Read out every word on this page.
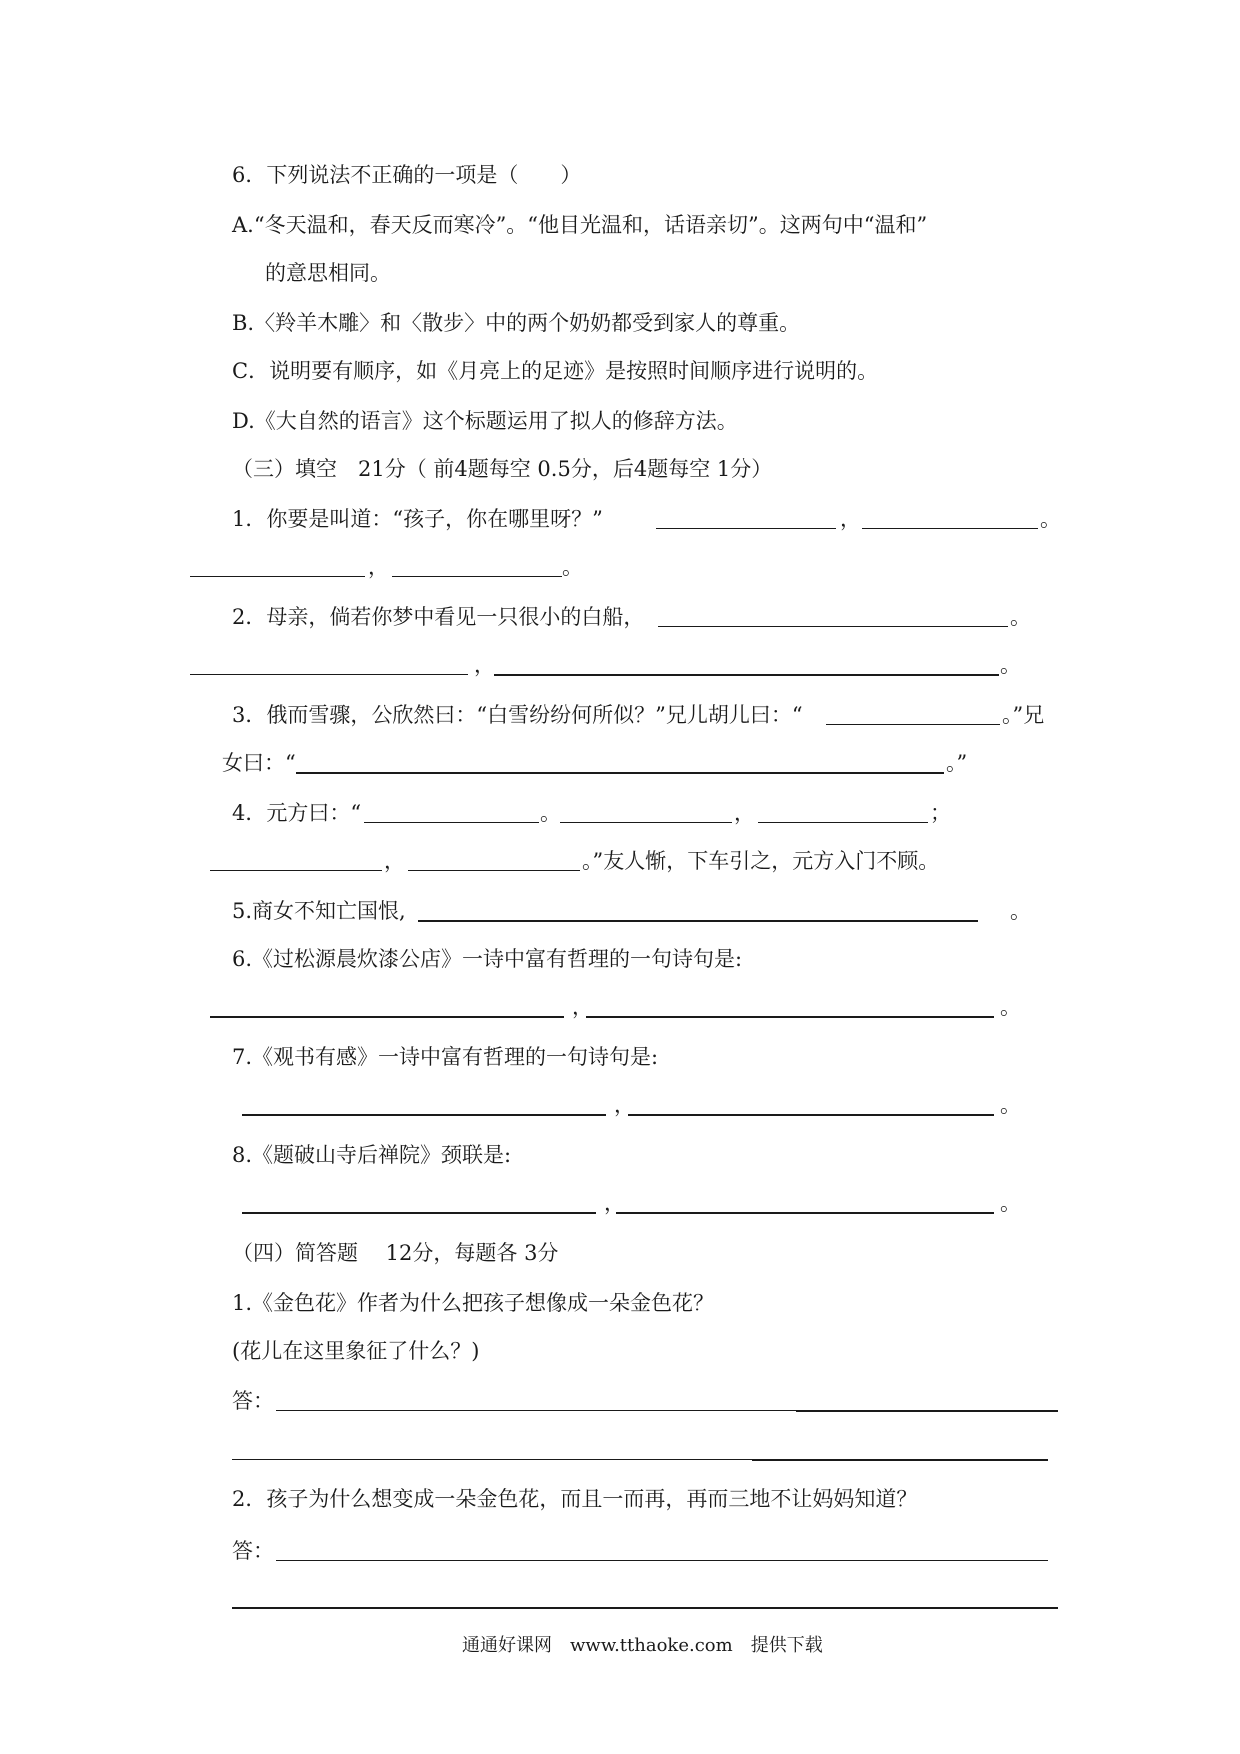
6．下列说法不正确的一项是（　　）
A.“冬天温和，春天反而寒冷”。“他目光温和，话语亲切”。这两句中“温和”
的意思相同。
B.〈羚羊木雕〉和〈散步〉中的两个奶奶都受到家人的尊重。
C．说明要有顺序，如《月亮上的足迹》是按照时间顺序进行说明的。
D.《大自然的语言》这个标题运用了拟人的修辞方法。
（三）填空　21分（ 前4题每空 0.5分，后4题每空 1分）
1．你要是叫道：“孩子，你在哪里呀？”	，	。
，	。
2．母亲，倘若你梦中看见一只很小的白船，	。
，	。
3．俄而雪骤，公欣然曰：“白雪纷纷何所似？”兄儿胡儿曰：“	。”兄
女曰：“	。”
4．元方曰：“	。	，	；
，	。”友人惭，下车引之，元方入门不顾。
5.商女不知亡国恨,	。
6.《过松源晨炊漆公店》一诗中富有哲理的一句诗句是:
，	。
7.《观书有感》一诗中富有哲理的一句诗句是:
，	。
8.《题破山寺后禅院》颈联是:
，	。
（四）简答题　 12分，每题各 3分
1.《金色花》作者为什么把孩子想像成一朵金色花？
(花儿在这里象征了什么？)
答：
2．孩子为什么想变成一朵金色花，而且一而再，再而三地不让妈妈知道？
答：
通通好课网　www.tthaoke.com　提供下载
